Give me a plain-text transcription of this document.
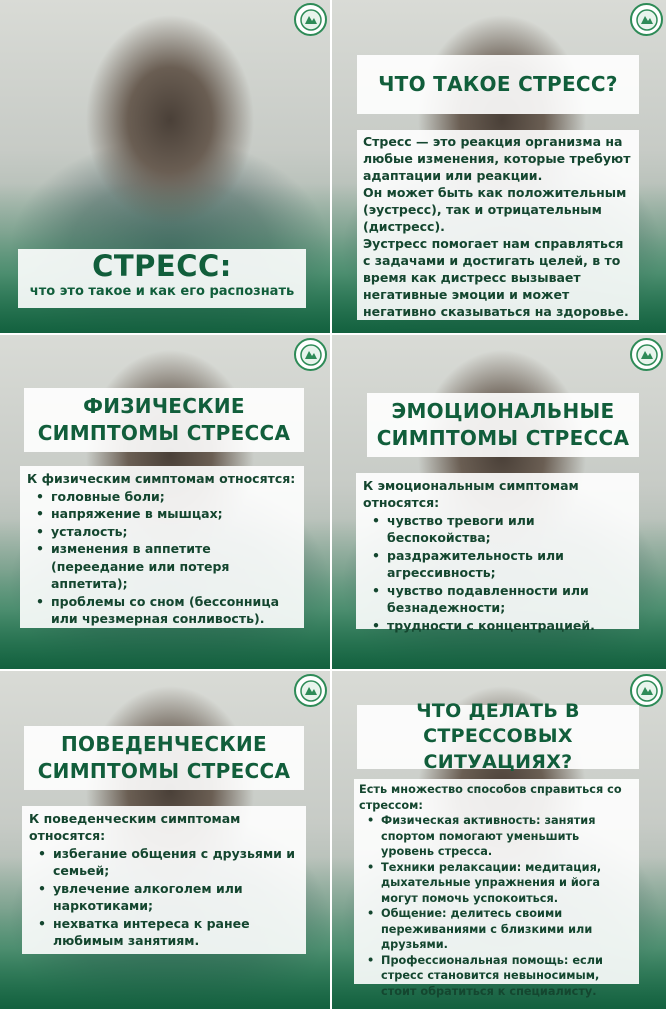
СТРЕСС:
что это такое и как его распознать
ЧТО ТАКОЕ СТРЕСС?
Стресс — это реакция организма на любые изменения, которые требуют адаптации или реакции.
Он может быть как положительным (эустресс), так и отрицательным (дистресс).
Эустресс помогает нам справляться с задачами и достигать целей, в то время как дистресс вызывает негативные эмоции и может негативно сказываться на здоровье.
ФИЗИЧЕСКИЕ
СИМПТОМЫ СТРЕССА
К физическим симптомам относятся:
• головные боли;
• напряжение в мышцах;
• усталость;
• изменения в аппетите (переедание или потеря аппетита);
• проблемы со сном (бессонница или чрезмерная сонливость).
ЭМОЦИОНАЛЬНЫЕ
СИМПТОМЫ СТРЕССА
К эмоциональным симптомам относятся:
• чувство тревоги или беспокойства;
• раздражительность или агрессивность;
• чувство подавленности или безнадежности;
• трудности с концентрацией.
ПОВЕДЕНЧЕСКИЕ
СИМПТОМЫ СТРЕССА
К поведенческим симптомам относятся:
• избегание общения с друзьями и семьей;
• увлечение алкоголем или наркотиками;
• нехватка интереса к ранее любимым занятиям.
ЧТО ДЕЛАТЬ В
СТРЕССОВЫХ СИТУАЦИЯХ?
Есть множество способов справиться со стрессом:
• Физическая активность: занятия спортом помогают уменьшить уровень стресса.
• Техники релаксации: медитация, дыхательные упражнения и йога могут помочь успокоиться.
• Общение: делитесь своими переживаниями с близкими или друзьями.
• Профессиональная помощь: если стресс становится невыносимым, стоит обратиться к специалисту.
